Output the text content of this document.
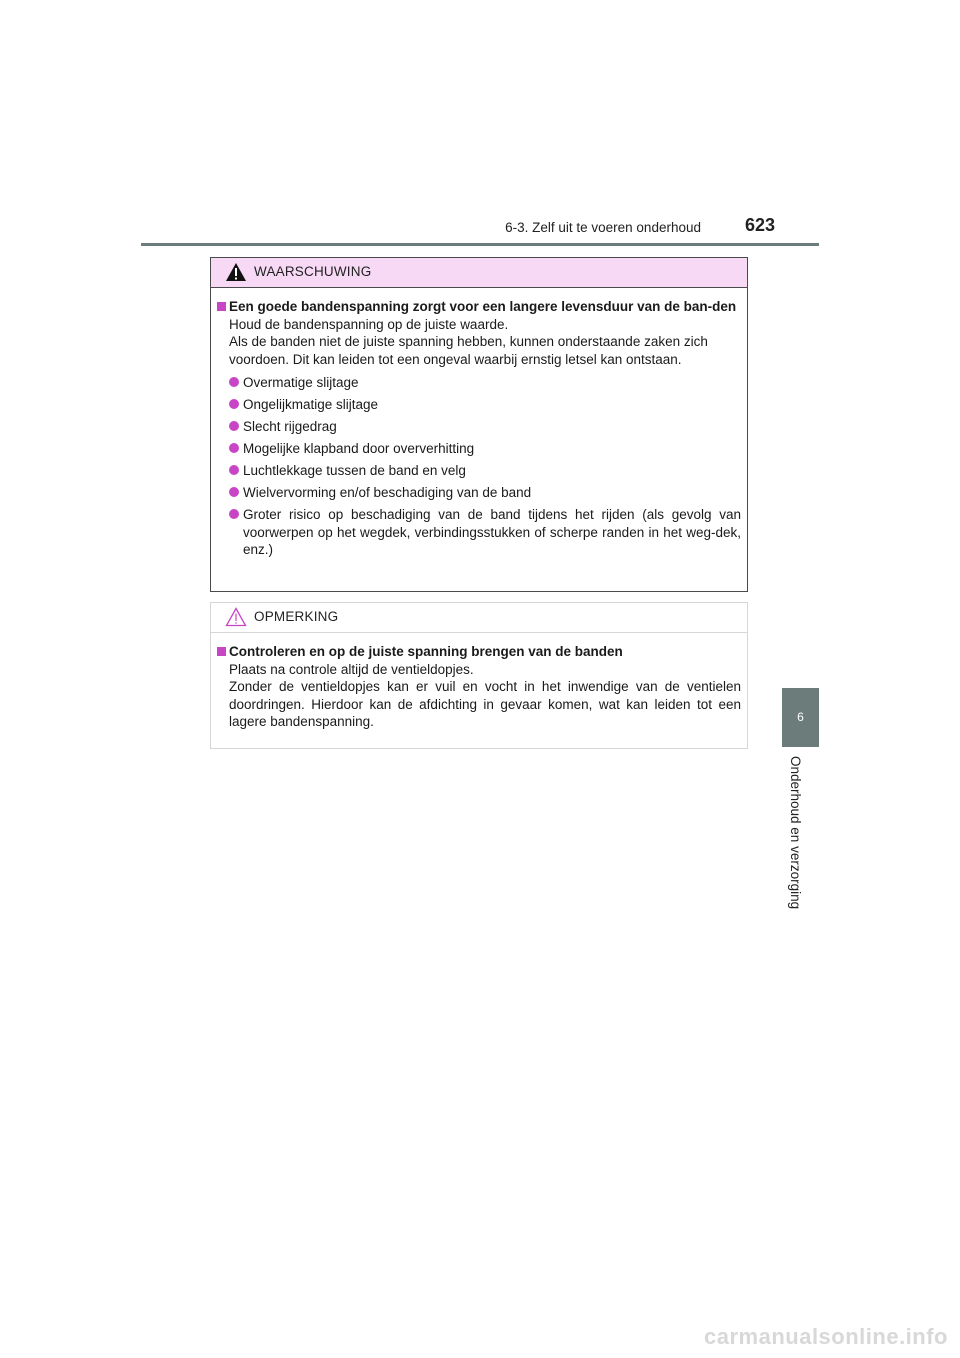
6-3. Zelf uit te voeren onderhoud	623
6
Onderhoud en verzorging
WAARSCHUWING
Een goede bandenspanning zorgt voor een langere levensduur van de ban-den
Houd de bandenspanning op de juiste waarde.
Als de banden niet de juiste spanning hebben, kunnen onderstaande zaken zich voordoen. Dit kan leiden tot een ongeval waarbij ernstig letsel kan ontstaan.
Overmatige slijtage
Ongelijkmatige slijtage
Slecht rijgedrag
Mogelijke klapband door oververhitting
Luchtlekkage tussen de band en velg
Wielvervorming en/of beschadiging van de band
Groter risico op beschadiging van de band tijdens het rijden (als gevolg van voorwerpen op het wegdek, verbindingsstukken of scherpe randen in het weg-dek, enz.)
OPMERKING
Controleren en op de juiste spanning brengen van de banden
Plaats na controle altijd de ventieldopjes.
Zonder de ventieldopjes kan er vuil en vocht in het inwendige van de ventielen doordringen. Hierdoor kan de afdichting in gevaar komen, wat kan leiden tot een lagere bandenspanning.
carmanualsonline.info
